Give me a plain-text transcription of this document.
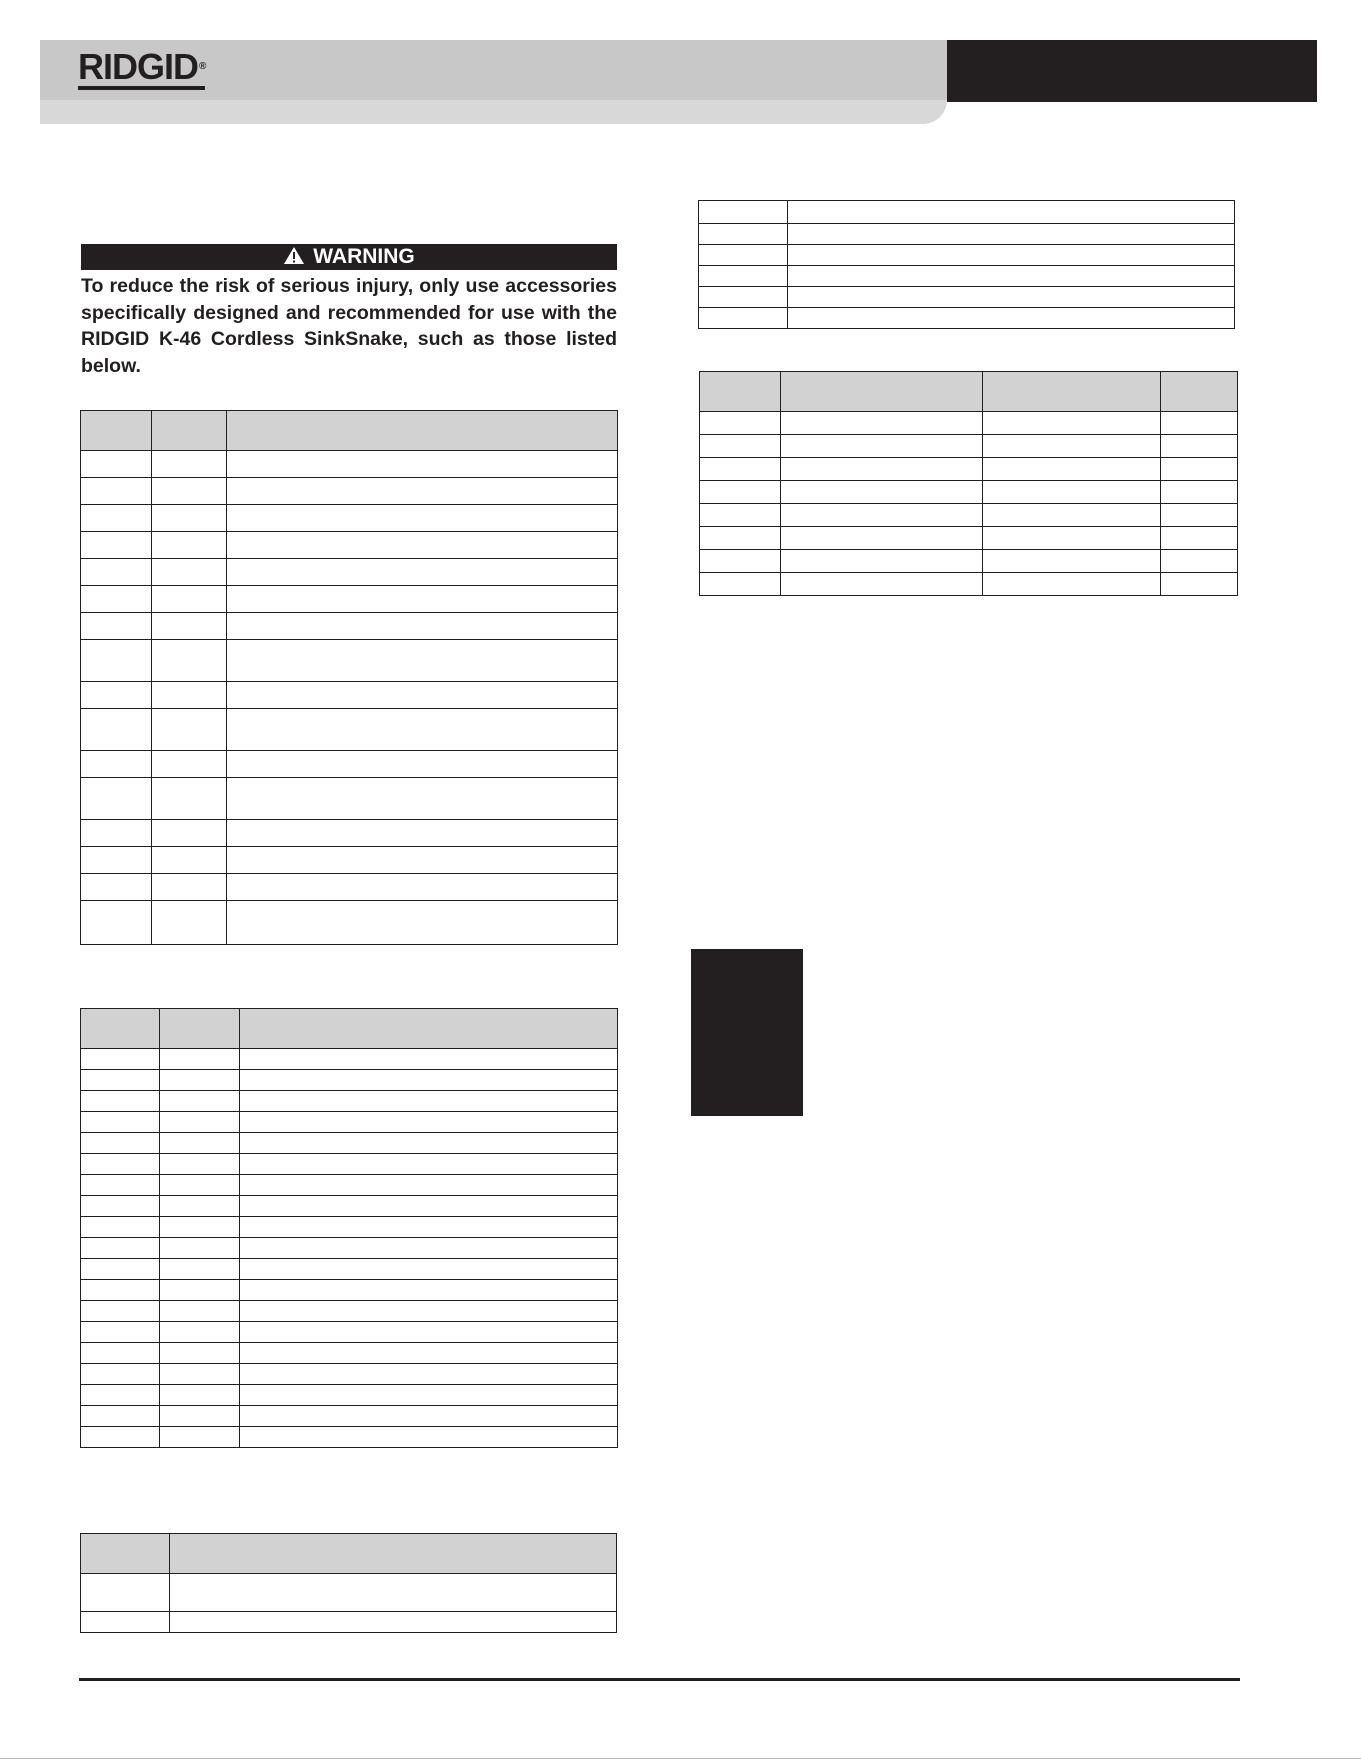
RIDGID®
WARNING
To reduce the risk of serious injury, only use accessories specifically designed and recommended for use with the RIDGID K-46 Cordless SinkSnake, such as those listed below.
